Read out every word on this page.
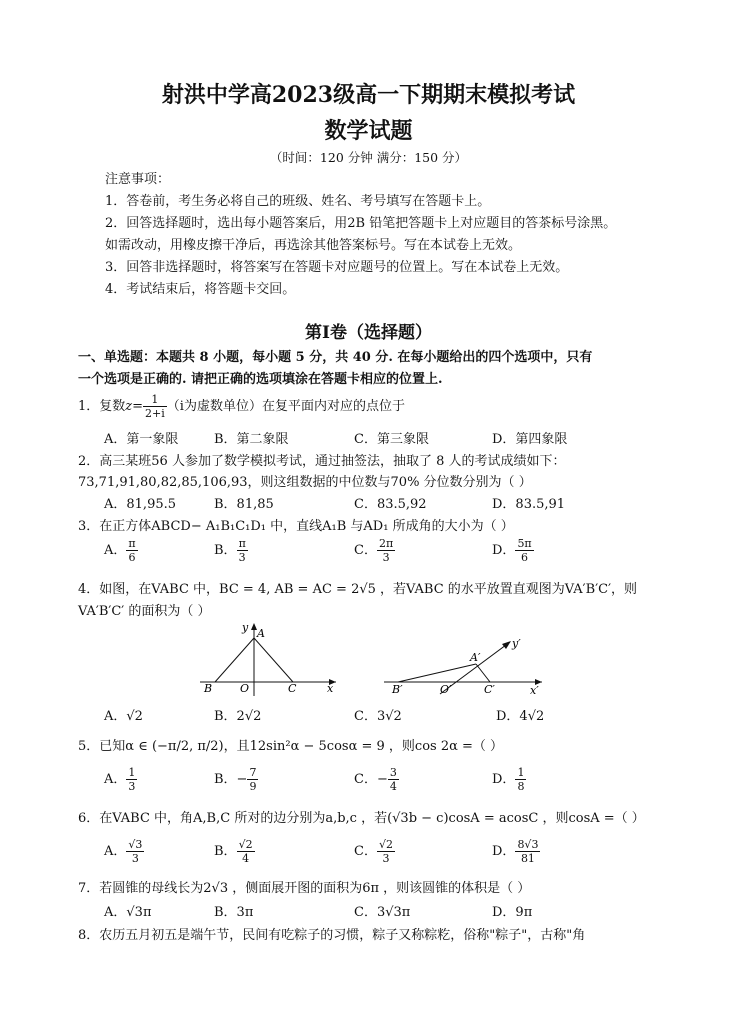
射洪中学高2023级高一下期期末模拟考试
数学试题
（时间：120 分钟 满分：150 分）
注意事项：
1．答卷前，考生务必将自己的班级、姓名、考号填写在答题卡上。
2．回答选择题时，选出每小题答案后，用2B 铅笔把答题卡上对应题目的答茶标号涂黑。
如需改动，用橡皮擦干净后，再选涂其他答案标号。写在本试卷上无效。
3．回答非选择题时，将答案写在答题卡对应题号的位置上。写在本试卷上无效。
4．考试结束后，将答题卡交回。
第Ⅰ卷（选择题）
一、单选题：本题共 8 小题，每小题 5 分，共 40 分. 在每小题给出的四个选项中，只有
一个选项是正确的. 请把正确的选项填涂在答题卡相应的位置上.
1．复数$z= \frac{1}{2+i} (i$为虚数单位）在复平面内对应的点位于
A．第一象限	B．第二象限	C．第三象限	D．第四象限
2．高三某班56 人参加了数学模拟考试，通过抽签法，抽取了 8 人的考试成绩如下：
73,71,91,80,82,85,106,93，则这组数据的中位数与70% 分位数分别为（ ）
A．81,95.5	B．81,85	C．83.5,92	D．83.5,91
3．在正方体ABCD− A₁B₁C₁D₁ 中，直线A₁B 与AD₁ 所成角的大小为（ ）
A． $\frac{\pi}{6}$	B． $\frac{\pi}{3}$	C． $\frac{2\pi}{3}$	D． $\frac{5\pi}{6}$
4．如图，在VABC 中，BC = 4, AB = AC = 2√5 ，若VABC 的水平放置直观图为VA′B′C′，则
VA′B′C′ 的面积为（ ）
A
B	O	C	x
y
A′
B′	O′	C′	x′
y′
A．√2	B．2√2	C．3√2	D．4√2
5．已知α ∈ (−π/2, π/2)，且12sin²α − 5cosα = 9 ，则cos 2α =（ ）
A． $\frac{1}{3}$	B．− $\frac{7}{9}$	C．− $\frac{3}{4}$	D． $\frac{1}{8}$
6．在VABC 中，角A,B,C 所对的边分别为a,b,c ，若(√3b − c)cosA = acosC ，则cosA =（ ）
A． $\frac{√3}{3}$	B． $\frac{√2}{4}$	C． $\frac{√2}{3}$	D． $\frac{8√3}{81}$
7．若圆锥的母线长为2√3 ，侧面展开图的面积为6π ，则该圆锥的体积是（ ）
A．√3π	B．3π	C．3√3π	D．9π
8．农历五月初五是端午节，民间有吃粽子的习惯，粽子又称粽籺，俗称"粽子"，古称"角
